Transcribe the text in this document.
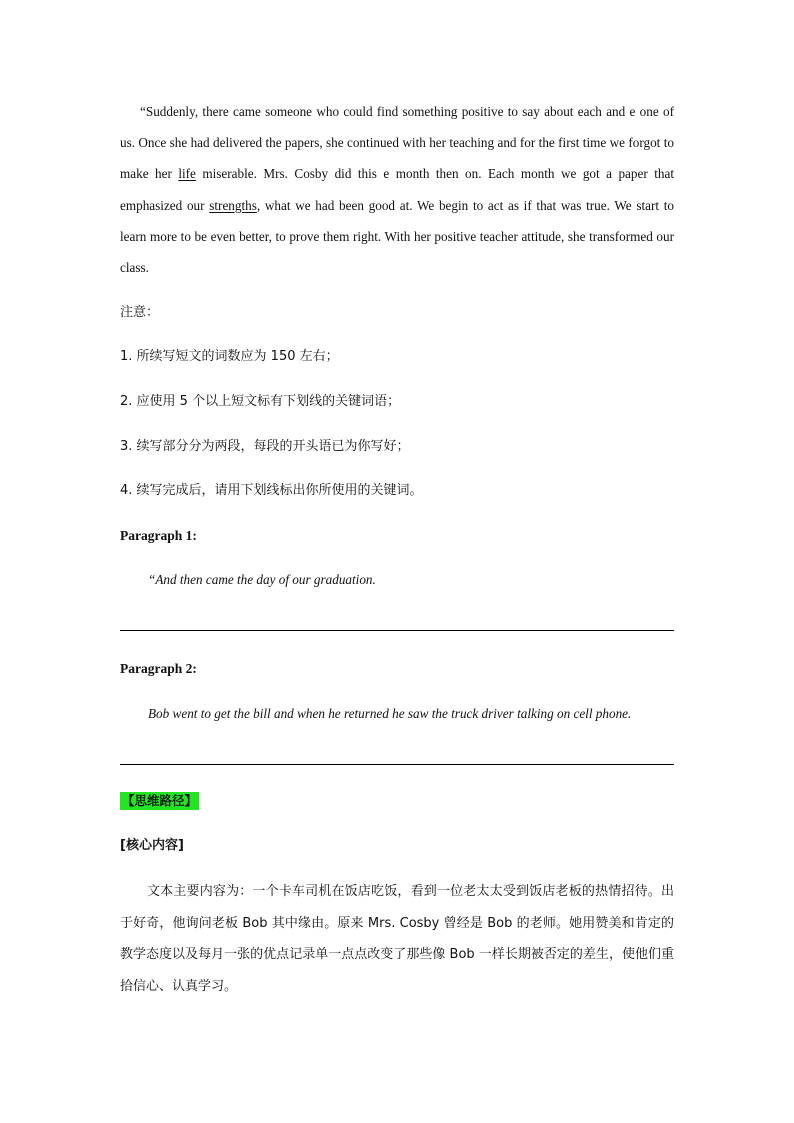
“Suddenly, there came someone who could find something positive to say about each and e one of us. Once she had delivered the papers, she continued with her teaching and for the first time we forgot to make her life miserable. Mrs. Cosby did this e month then on. Each month we got a paper that emphasized our strengths, what we had been good at. We begin to act as if that was true. We start to learn more to be even better, to prove them right. With her positive teacher attitude, she transformed our class.

注意：
1. 所续写短文的词数应为 150 左右；
2. 应使用 5 个以上短文标有下划线的关键词语；
3. 续写部分分为两段，每段的开头语已为你写好；
4. 续写完成后，请用下划线标出你所使用的关键词。
Paragraph 1:
“And then came the day of our graduation.
Paragraph 2:
Bob went to get the bill and when he returned he saw the truck driver talking on cell phone.
【思维路径】
[核心内容]

文本主要内容为：一个卡车司机在饭店吃饭，看到一位老太太受到饭店老板的热情招待。出于好奇，他询问老板 Bob 其中缘由。原来 Mrs. Cosby 曾经是 Bob 的老师。她用赞美和肯定的教学态度以及每月一张的优点记录单一点点改变了那些像 Bob 一样长期被否定的差生，使他们重拾信心、认真学习。
